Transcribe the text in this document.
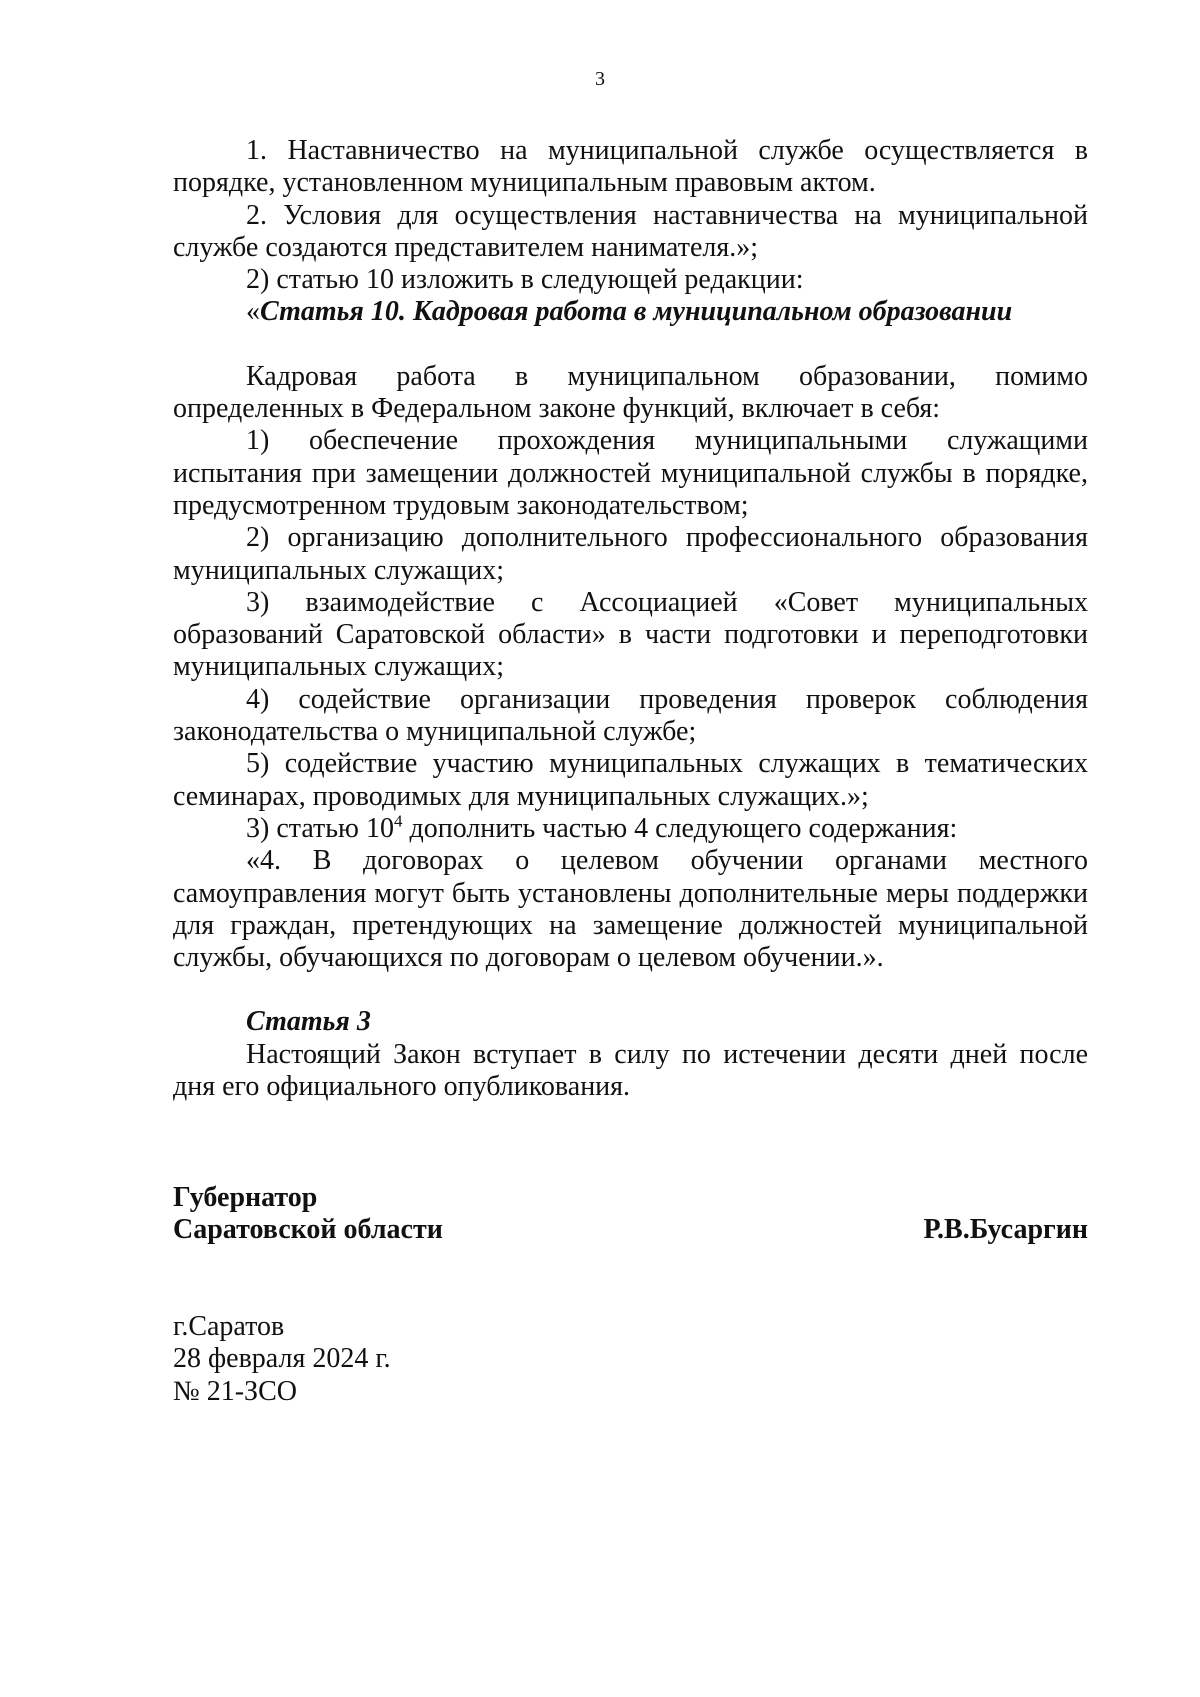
3

1. Наставничество на муниципальной службе осуществляется в порядке, установленном муниципальным правовым актом.

2. Условия для осуществления наставничества на муниципальной службе создаются представителем нанимателя.»;

2) статью 10 изложить в следующей редакции:

«Статья 10. Кадровая работа в муниципальном образовании

Кадровая работа в муниципальном образовании, помимо определенных в Федеральном законе функций, включает в себя:

1) обеспечение прохождения муниципальными служащими испытания при замещении должностей муниципальной службы в порядке, предусмотренном трудовым законодательством;

2) организацию дополнительного профессионального образования муниципальных служащих;

3) взаимодействие с Ассоциацией «Совет муниципальных образований Саратовской области» в части подготовки и переподготовки муниципальных служащих;

4) содействие организации проведения проверок соблюдения законодательства о муниципальной службе;

5) содействие участию муниципальных служащих в тематических семинарах, проводимых для муниципальных служащих.»;

3) статью $10^4$ дополнить частью 4 следующего содержания:

«4. В договорах о целевом обучении органами местного самоуправления могут быть установлены дополнительные меры поддержки для граждан, претендующих на замещение должностей муниципальной службы, обучающихся по договорам о целевом обучении.».

Статья 3

Настоящий Закон вступает в силу по истечении десяти дней после дня его официального опубликования.

Губернатор
Саратовской области	Р.В.Бусаргин
г.Саратов
28 февраля 2024 г.
№ 21-ЗСО
